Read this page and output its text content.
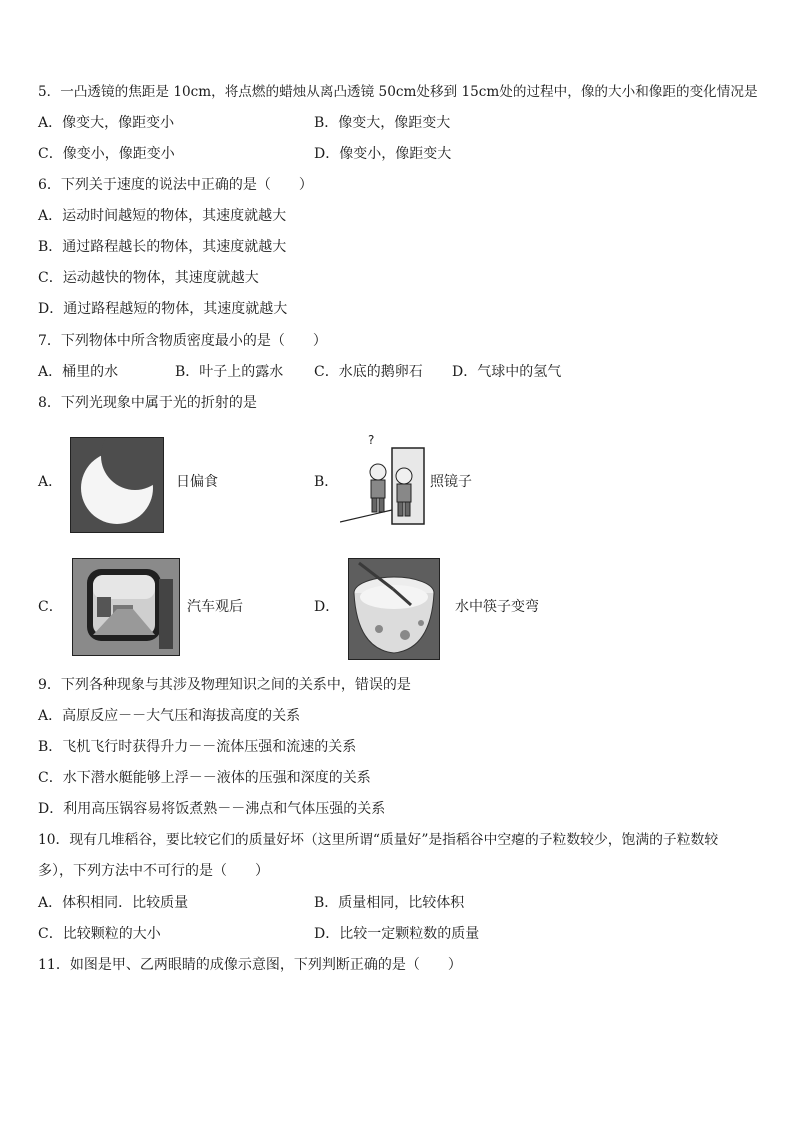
5．一凸透镜的焦距是 10cm，将点燃的蜡烛从离凸透镜 50cm处移到 15cm处的过程中，像的大小和像距的变化情况是
A．像变大，像距变小	B．像变大，像距变大
C．像变小，像距变小	D．像变小，像距变大
6．下列关于速度的说法中正确的是（　　）
A．运动时间越短的物体，其速度就越大
B．通过路程越长的物体，其速度就越大
C．运动越快的物体，其速度就越大
D．通过路程越短的物体，其速度就越大
7．下列物体中所含物质密度最小的是（　　）
A．桶里的水	B．叶子上的露水 C．水底的鹅卵石 D．气球中的氢气
8．下列光现象中属于光的折射的是
A．	日偏食	B．
?
照镜子
C．	汽车观后	D．	水中筷子变弯
9．下列各种现象与其涉及物理知识之间的关系中，错误的是
A．高原反应－－大气压和海拔高度的关系
B．飞机飞行时获得升力－－流体压强和流速的关系
C．水下潜水艇能够上浮－－液体的压强和深度的关系
D．利用高压锅容易将饭煮熟－－沸点和气体压强的关系
10．现有几堆稻谷，要比较它们的质量好坏（这里所谓“质量好”是指稻谷中空瘪的子粒数较少，饱满的子粒数较
多），下列方法中不可行的是（　　）
A．体积相同．比较质量	B．质量相同，比较体积
C．比较颗粒的大小	D．比较一定颗粒数的质量
11．如图是甲、乙两眼睛的成像示意图，下列判断正确的是（　　）
